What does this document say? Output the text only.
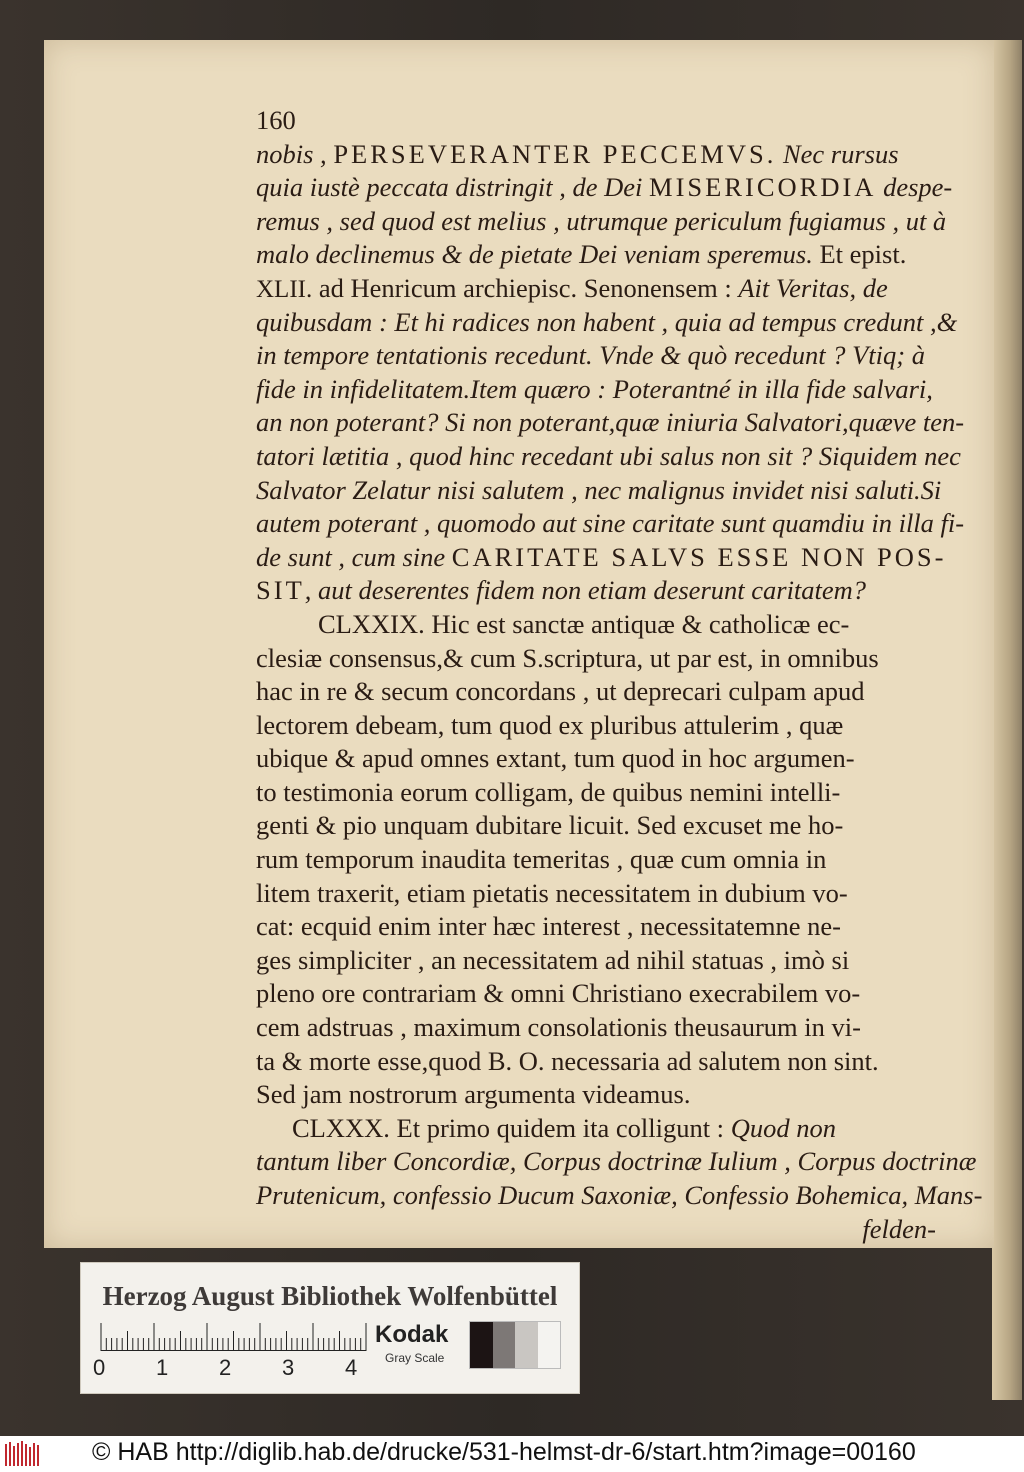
160
nobis , PERSEVERANTER PECCEMVS. Nec rursus
quia iustè peccata distringit , de Dei MISERICORDIA despe-
remus , sed quod est melius , utrumque periculum fugiamus , ut à
malo declinemus & de pietate Dei veniam speremus. Et epist.
XLII. ad Henricum archiepisc. Senonensem : Ait Veritas, de
quibusdam : Et hi radices non habent , quia ad tempus credunt ,&
in tempore tentationis recedunt. Vnde & quò recedunt ? Vtiq; à
fide in infidelitatem.Item quæro : Poterantné in illa fide salvari,
an non poterant? Si non poterant,quæ iniuria Salvatori,quæve ten-
tatori lætitia , quod hinc recedant ubi salus non sit ? Siquidem nec
Salvator Zelatur nisi salutem , nec malignus invidet nisi saluti.Si
autem poterant , quomodo aut sine caritate sunt quamdiu in illa fi-
de sunt , cum sine CARITATE SALVS ESSE NON POS-
SIT, aut deserentes fidem non etiam deserunt caritatem?
CLXXIX. Hic est sanctæ antiquæ & catholicæ ec-
clesiæ consensus,& cum S.scriptura, ut par est, in omnibus
hac in re & secum concordans , ut deprecari culpam apud
lectorem debeam, tum quod ex pluribus attulerim , quæ
ubique & apud omnes extant, tum quod in hoc argumen-
to testimonia eorum colligam, de quibus nemini intelli-
genti & pio unquam dubitare licuit. Sed excuset me ho-
rum temporum inaudita temeritas , quæ cum omnia in
litem traxerit, etiam pietatis necessitatem in dubium vo-
cat: ecquid enim inter hæc interest , necessitatemne ne-
ges simpliciter , an necessitatem ad nihil statuas , imò si
pleno ore contrariam & omni Christiano execrabilem vo-
cem adstruas , maximum consolationis theusaurum in vi-
ta & morte esse,quod B. O. necessaria ad salutem non sint.
Sed jam nostrorum argumenta videamus.
CLXXX. Et primo quidem ita colligunt : Quod non
tantum liber Concordiæ, Corpus doctrinæ Iulium , Corpus doctrinæ
Prutenicum, confessio Ducum Saxoniæ, Confessio Bohemica, Mans-
felden-
Herzog August Bibliothek Wolfenbüttel
0 1 2 3 4
Kodak
Gray Scale
© HAB http://diglib.hab.de/drucke/531-helmst-dr-6/start.htm?image=00160
